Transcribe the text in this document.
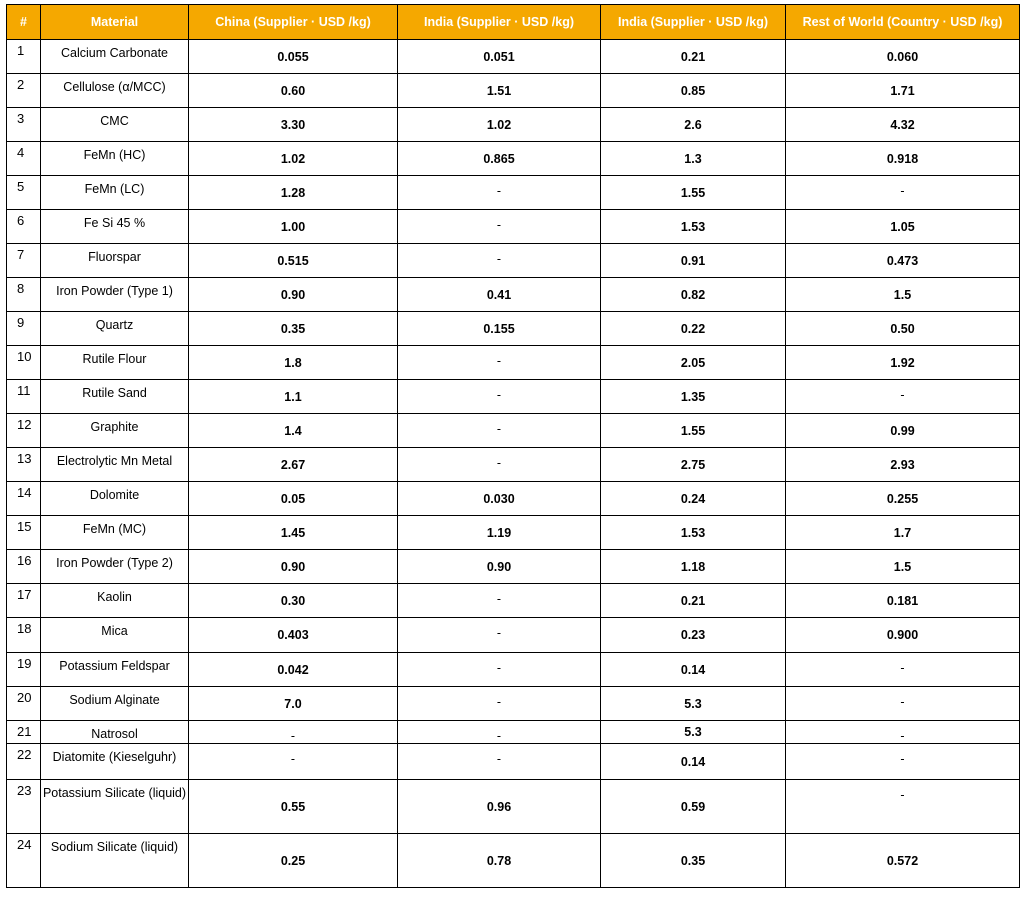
#	Material	China (Supplier · USD /kg)	India (Supplier · USD /kg)	India (Supplier · USD /kg)	Rest of World (Country · USD /kg)
1	Calcium Carbonate	0.055	0.051	0.21	0.060
2	Cellulose (α/MCC)	0.60	1.51	0.85	1.71
3	CMC	3.30	1.02	2.6	4.32
4	FeMn (HC)	1.02	0.865	1.3	0.918
5	FeMn (LC)	1.28	-	1.55	-
6	Fe Si 45 %	1.00	-	1.53	1.05
7	Fluorspar	0.515	-	0.91	0.473
8	Iron Powder (Type 1)	0.90	0.41	0.82	1.5
9	Quartz	0.35	0.155	0.22	0.50
10	Rutile Flour	1.8	-	2.05	1.92
11	Rutile Sand	1.1	-	1.35	-
12	Graphite	1.4	-	1.55	0.99
13	Electrolytic Mn Metal	2.67	-	2.75	2.93
14	Dolomite	0.05	0.030	0.24	0.255
15	FeMn (MC)	1.45	1.19	1.53	1.7
16	Iron Powder (Type 2)	0.90	0.90	1.18	1.5
17	Kaolin	0.30	-	0.21	0.181
18	Mica	0.403	-	0.23	0.900
19	Potassium Feldspar	0.042	-	0.14	-
20	Sodium Alginate	7.0	-	5.3	-
21	Natrosol	-	-	5.3	-
22	Diatomite (Kieselguhr)	-	-	0.14	-
23	Potassium Silicate (liquid)	0.55	0.96	0.59	-
24	Sodium Silicate (liquid)	0.25	0.78	0.35	0.572
